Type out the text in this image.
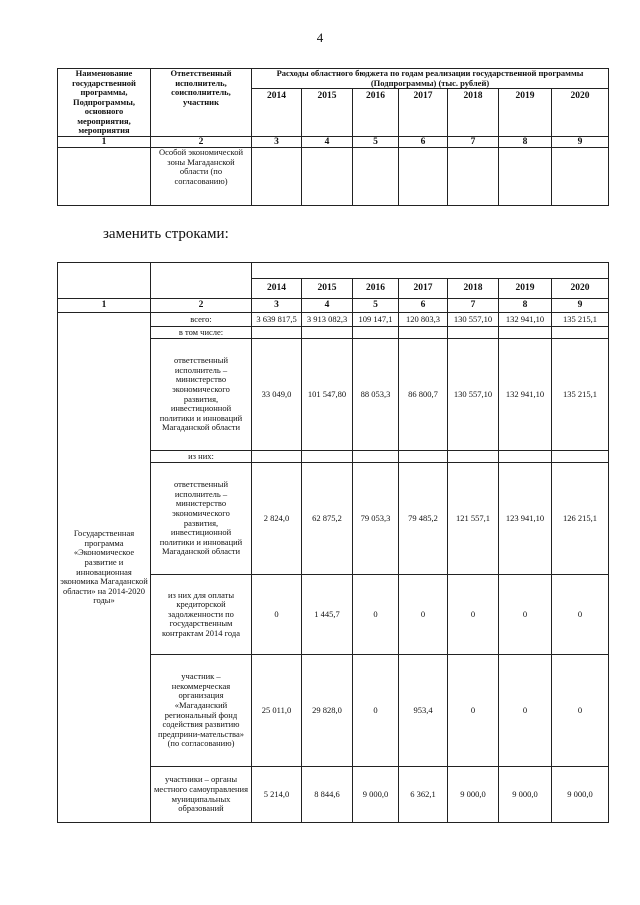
4
Наименование государственной программы, Подпрограммы, основного мероприятия, мероприятия	Ответственный исполнитель, соисполнитель, участник	Расходы областного бюджета по годам реализации государственной программы (Подпрограммы) (тыс. рублей)						
		2014	2015	2016	2017	2018	2019	2020
1	2	3	4	5	6	7	8	9
	Особой экономической зоны Магаданской области (по согласованию)							
заменить строками:

		2014	2015	2016	2017	2018	2019	2020
1	2	3	4	5	6	7	8	9
Государственная программа «Экономическое развитие и инновационная экономика Магаданской области» на 2014-2020 годы»	всего:	3 639 817,5	3 913 082,3	109 147,1	120 803,3	130 557,10	132 941,10	135 215,1
	в том числе:							
	ответственный исполнитель – министерство экономического развития, инвестиционной политики и инноваций Магаданской области	33 049,0	101 547,80	88 053,3	86 800,7	130 557,10	132 941,10	135 215,1
	из них:							
	ответственный исполнитель – министерство экономического развития, инвестиционной политики и инноваций Магаданской области	2 824,0	62 875,2	79 053,3	79 485,2	121 557,1	123 941,10	126 215,1
	из них для оплаты кредиторской задолженности по государственным контрактам 2014 года	0	1 445,7	0	0	0	0	0
	участник – некоммерческая организация «Магаданский региональный фонд содействия развитию предприни-мательства» (по согласованию)	25 011,0	29 828,0	0	953,4	0	0	0
	участники – органы местного самоуправления муниципальных образований	5 214,0	8 844,6	9 000,0	6 362,1	9 000,0	9 000,0	9 000,0
